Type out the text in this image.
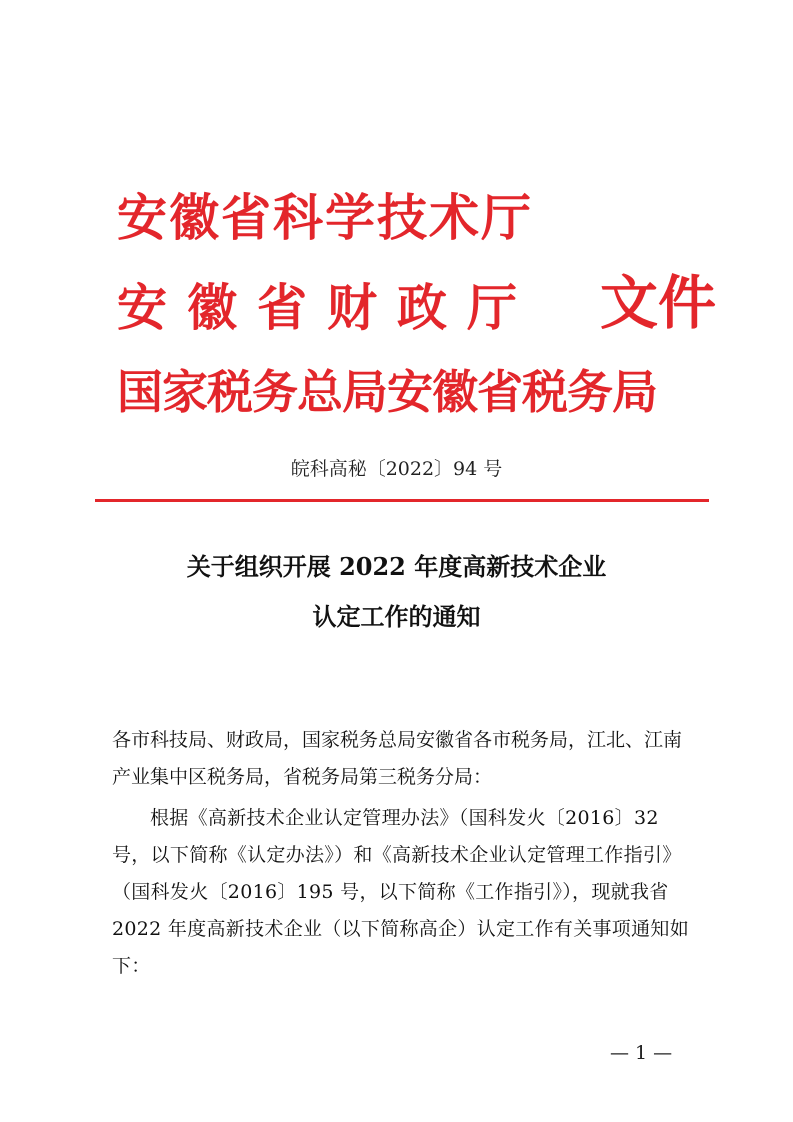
安徽省科学技术厅
安徽省财政厅
国家税务总局安徽省税务局
文件
皖科高秘〔2022〕94 号
关于组织开展 2022 年度高新技术企业
认定工作的通知
各市科技局、财政局，国家税务总局安徽省各市税务局，江北、江南产业集中区税务局，省税务局第三税务分局：
根据《高新技术企业认定管理办法》（国科发火〔2016〕32 号，以下简称《认定办法》）和《高新技术企业认定管理工作指引》（国科发火〔2016〕195 号，以下简称《工作指引》），现就我省 2022 年度高新技术企业（以下简称高企）认定工作有关事项通知如下：
— 1 —
